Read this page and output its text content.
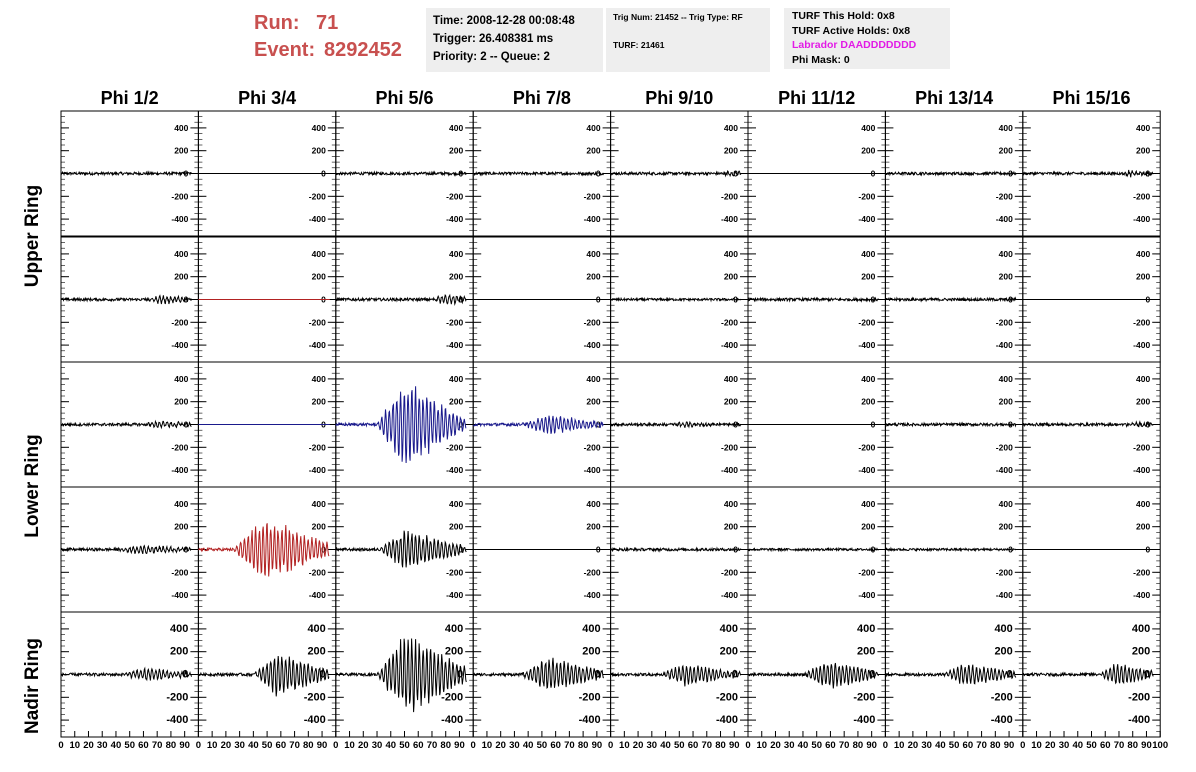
Run: 71
Event: 8292452
Time: 2008-12-28 00:08:48
Trigger: 26.408381 ms
Priority: 2 -- Queue: 2
Trig Num: 21452 -- Trig Type: RF
TURF: 21461
TURF This Hold: 0x8
TURF Active Holds: 0x8
Labrador DAADDDDDDD
Phi Mask: 0
Phi 1/2	Phi 3/4	Phi 5/6	Phi 7/8	Phi 9/10	Phi 11/12	Phi 13/14	Phi 15/16
Upper Ring
Lower Ring
Nadir Ring
400
200
0
-200
-400
400
200
0
-200
-400
400
200
0
-200
-400
400
200
0
-200
-400
400
200
0
-200
-400
400
200
0
-200
-400
400
200
0
-200
-400
400
200
0
-200
-400
400
200
0
-200
-400
400
200
0
-200
-400
400
200
0
-200
-400
400
200
0
-200
-400
400
200
0
-200
-400
400
200
0
-200
-400
400
200
0
-200
-400
400
200
0
-200
-400
400
200
0
-200
-400
400
200
0
-200
-400
400
200
0
-200
-400
400
200
0
-200
-400
400
200
0
-200
-400
400
200
0
-200
-400
400
200
0
-200
-400
400
200
0
-200
-400
400
200
0
-200
-400
400
200
0
-200
-400
400
200
0
-200
-400
400
200
0
-200
-400
400
200
0
-200
-400
400
200
0
-200
-400
400
200
0
-200
-400
400
200
0
-200
-400
400
200
0
-200
-400
400
200
0
-200
-400
400
200
0
-200
-400
400
200
0
-200
-400
400
200
0
-200
-400
400
200
0
-200
-400
400
200
0
-200
-400
400
200
0
-200
-400
0 10 20 30 40 50 60 70 80 90 0 10 20 30 40 50 60 70 80 90 0 10 20 30 40 50 60 70 80 90 0 10 20 30 40 50 60 70 80 90 0 10 20 30 40 50 60 70 80 90 0 10 20 30 40 50 60 70 80 90 0 10 20 30 40 50 60 70 80 90 0 10 20 30 40 50 60 70 80 90 100
